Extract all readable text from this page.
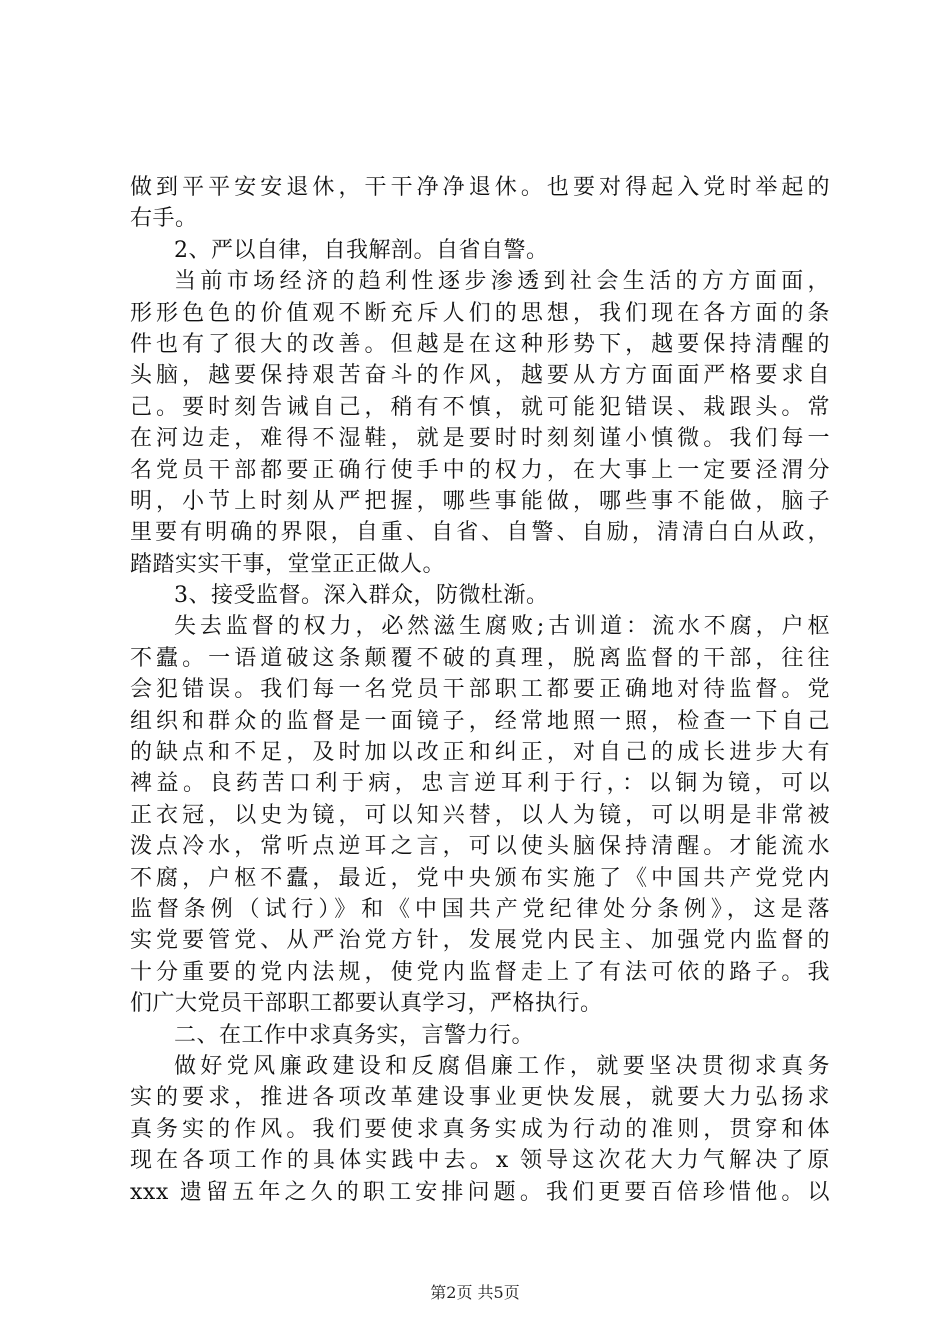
做到平平安安退休，干干净净退休。也要对得起入党时举起的
右手。
2、严以自律，自我解剖。自省自警。
当前市场经济的趋利性逐步渗透到社会生活的方方面面，
形形色色的价值观不断充斥人们的思想，我们现在各方面的条
件也有了很大的改善。但越是在这种形势下，越要保持清醒的
头脑，越要保持艰苦奋斗的作风，越要从方方面面严格要求自
己。要时刻告诫自己，稍有不慎，就可能犯错误、栽跟头。常
在河边走，难得不湿鞋，就是要时时刻刻谨小慎微。我们每一
名党员干部都要正确行使手中的权力，在大事上一定要泾渭分
明，小节上时刻从严把握，哪些事能做，哪些事不能做，脑子
里要有明确的界限，自重、自省、自警、自励，清清白白从政，
踏踏实实干事，堂堂正正做人。
3、接受监督。深入群众，防微杜渐。
失去监督的权力，必然滋生腐败;古训道：流水不腐，户枢
不蠹。一语道破这条颠覆不破的真理，脱离监督的干部，往往
会犯错误。我们每一名党员干部职工都要正确地对待监督。党
组织和群众的监督是一面镜子，经常地照一照，检查一下自己
的缺点和不足，及时加以改正和纠正，对自己的成长进步大有
裨益。良药苦口利于病，忠言逆耳利于行，：以铜为镜，可以
正衣冠，以史为镜，可以知兴替，以人为镜，可以明是非常被
泼点冷水，常听点逆耳之言，可以使头脑保持清醒。才能流水
不腐，户枢不蠹，最近，党中央颁布实施了《中国共产党党内
监督条例（试行）》和《中国共产党纪律处分条例》，这是落
实党要管党、从严治党方针，发展党内民主、加强党内监督的
十分重要的党内法规，使党内监督走上了有法可依的路子。我
们广大党员干部职工都要认真学习，严格执行。
二、在工作中求真务实，言警力行。
做好党风廉政建设和反腐倡廉工作，就要坚决贯彻求真务
实的要求，推进各项改革建设事业更快发展，就要大力弘扬求
真务实的作风。我们要使求真务实成为行动的准则，贯穿和体
现在各项工作的具体实践中去。x 领导这次花大力气解决了原
xxx 遗留五年之久的职工安排问题。我们更要百倍珍惜他。以
第2页 共5页
